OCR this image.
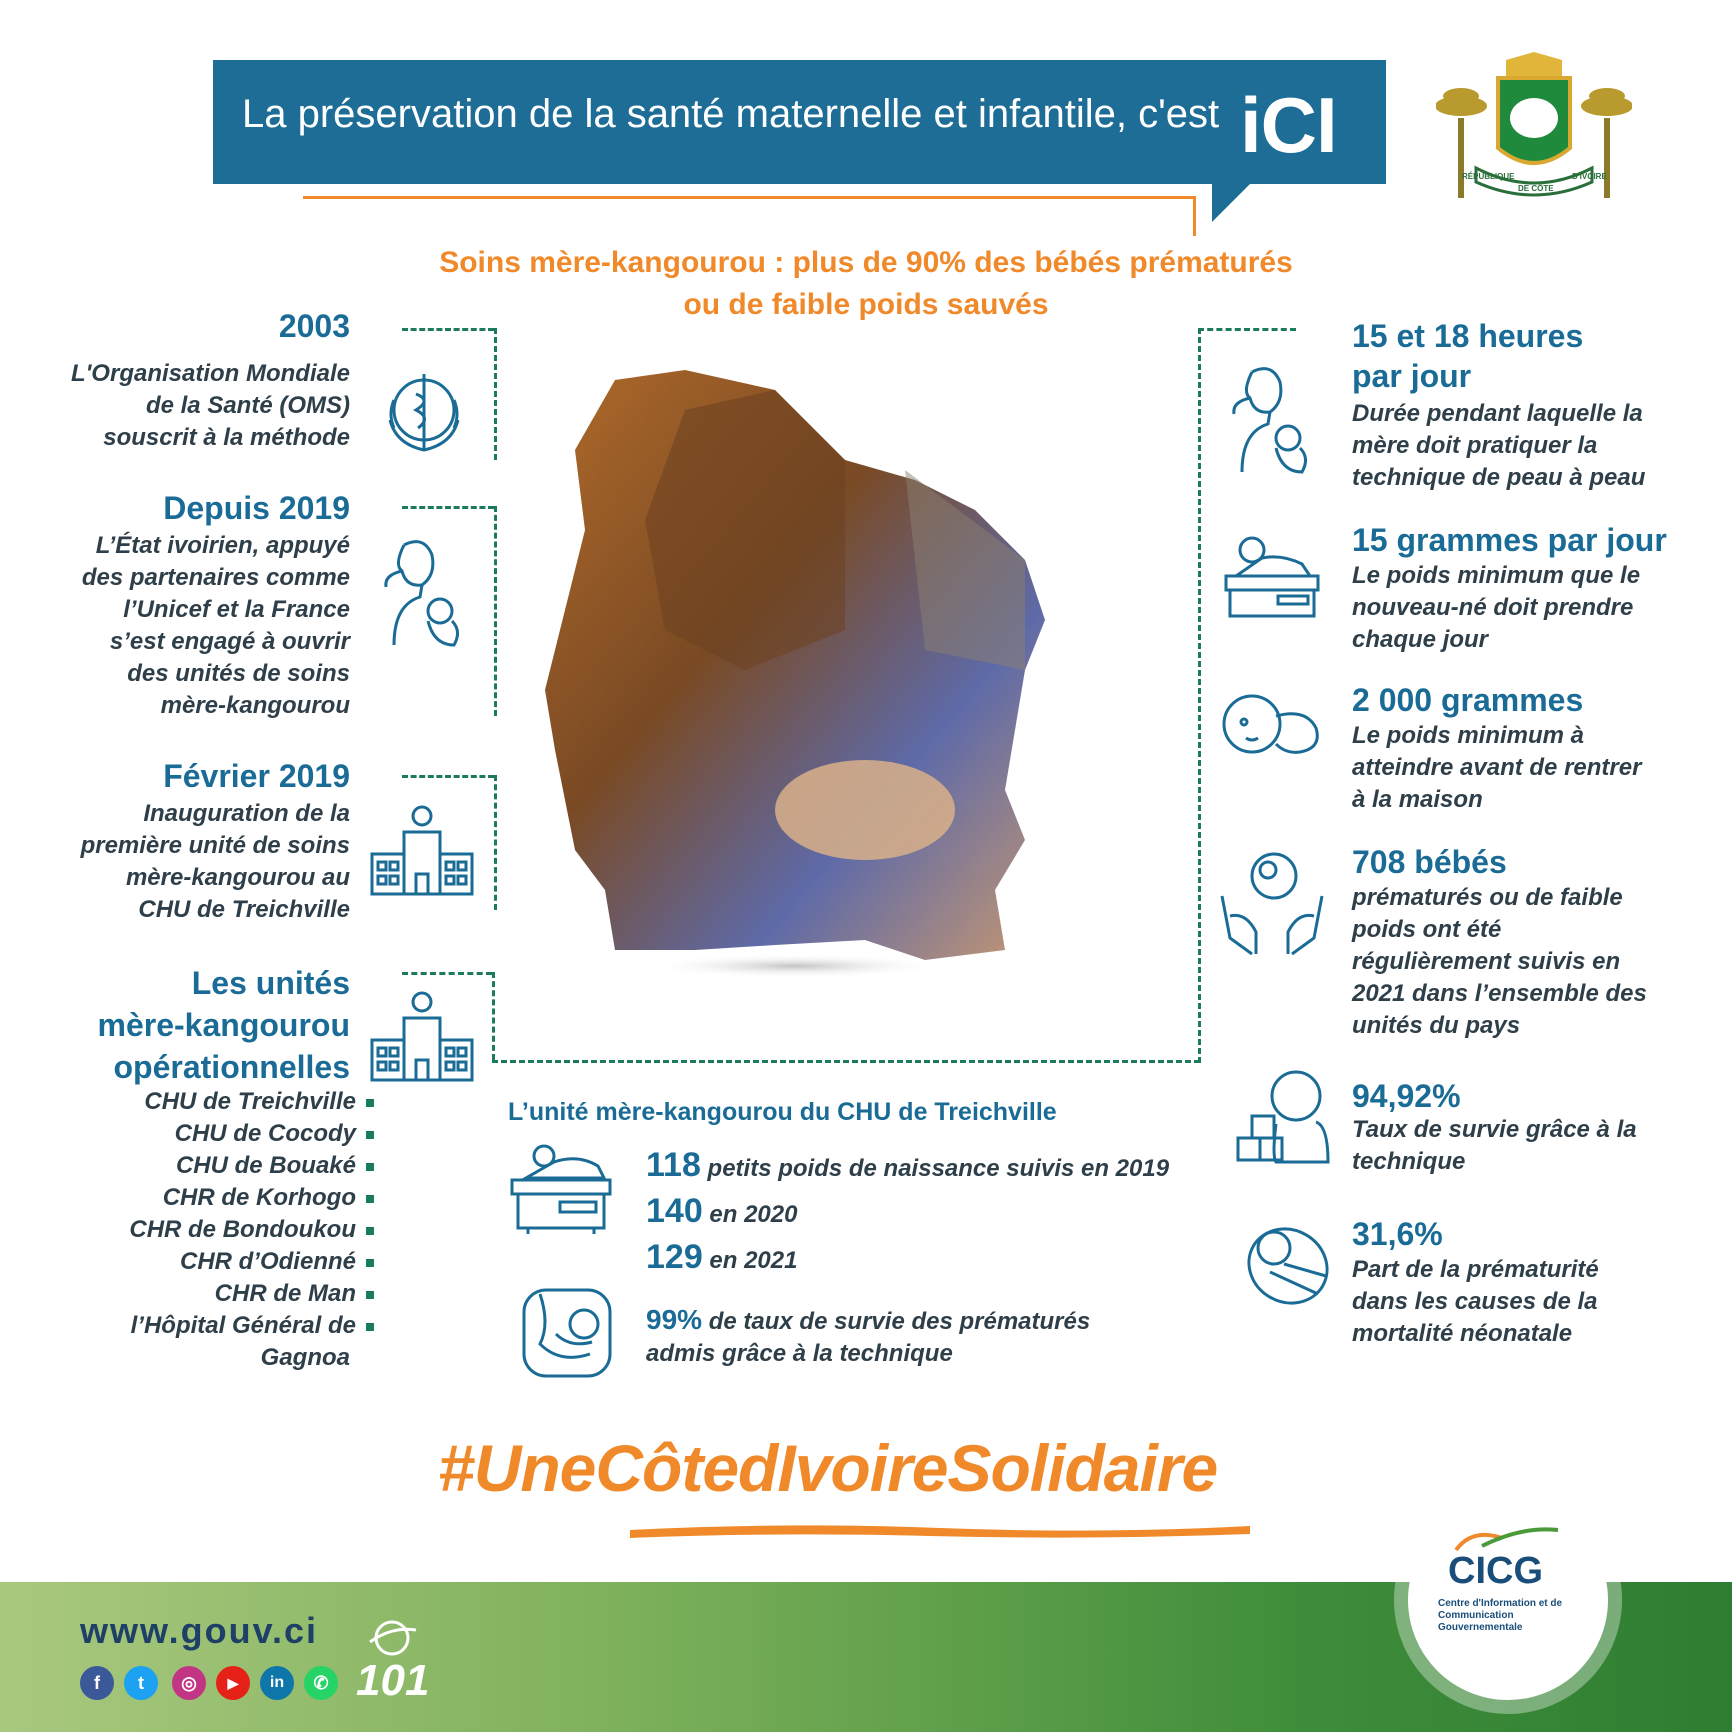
La préservation de la santé maternelle et infantile, c'est iCI
RÉPUBLIQUE
DE CÔTE
D'IVOIRE
Soins mère-kangourou : plus de 90% des bébés prématurés
ou de faible poids sauvés
2003
L'Organisation Mondiale
de la Santé (OMS)
souscrit à la méthode
Depuis 2019
L’État ivoirien, appuyé
des partenaires comme
l’Unicef et la France
s’est engagé à ouvrir
des unités de soins
mère-kangourou
Février 2019
Inauguration de la
première unité de soins
mère-kangourou au
CHU de Treichville
Les unités
mère-kangourou
opérationnelles
CHU de Treichville
CHU de Cocody
CHU de Bouaké
CHR de Korhogo
CHR de Bondoukou
CHR d’Odienné
CHR de Man
l’Hôpital Général de
Gagnoa
15 et 18 heures
par jour
Durée pendant laquelle la
mère doit pratiquer la
technique de peau à peau
15 grammes par jour
Le poids minimum que le
nouveau-né doit prendre
chaque jour
2 000 grammes
Le poids minimum à
atteindre avant de rentrer
à la maison
708 bébés
prématurés ou de faible
poids ont été
régulièrement suivis en
2021 dans l’ensemble des
unités du pays
94,92%
Taux de survie grâce à la
technique
31,6%
Part de la prématurité
dans les causes de la
mortalité néonatale
L’unité mère-kangourou du CHU de Treichville
118 petits poids de naissance suivis en 2019
140 en 2020
129 en 2021
99% de taux de survie des prématurés
admis grâce à la technique
#UneCôtedIvoireSolidaire
www.gouv.ci
f	t	◎	▶	in	✆ 101
CICG
Centre d'Information et de Communication Gouvernementale
